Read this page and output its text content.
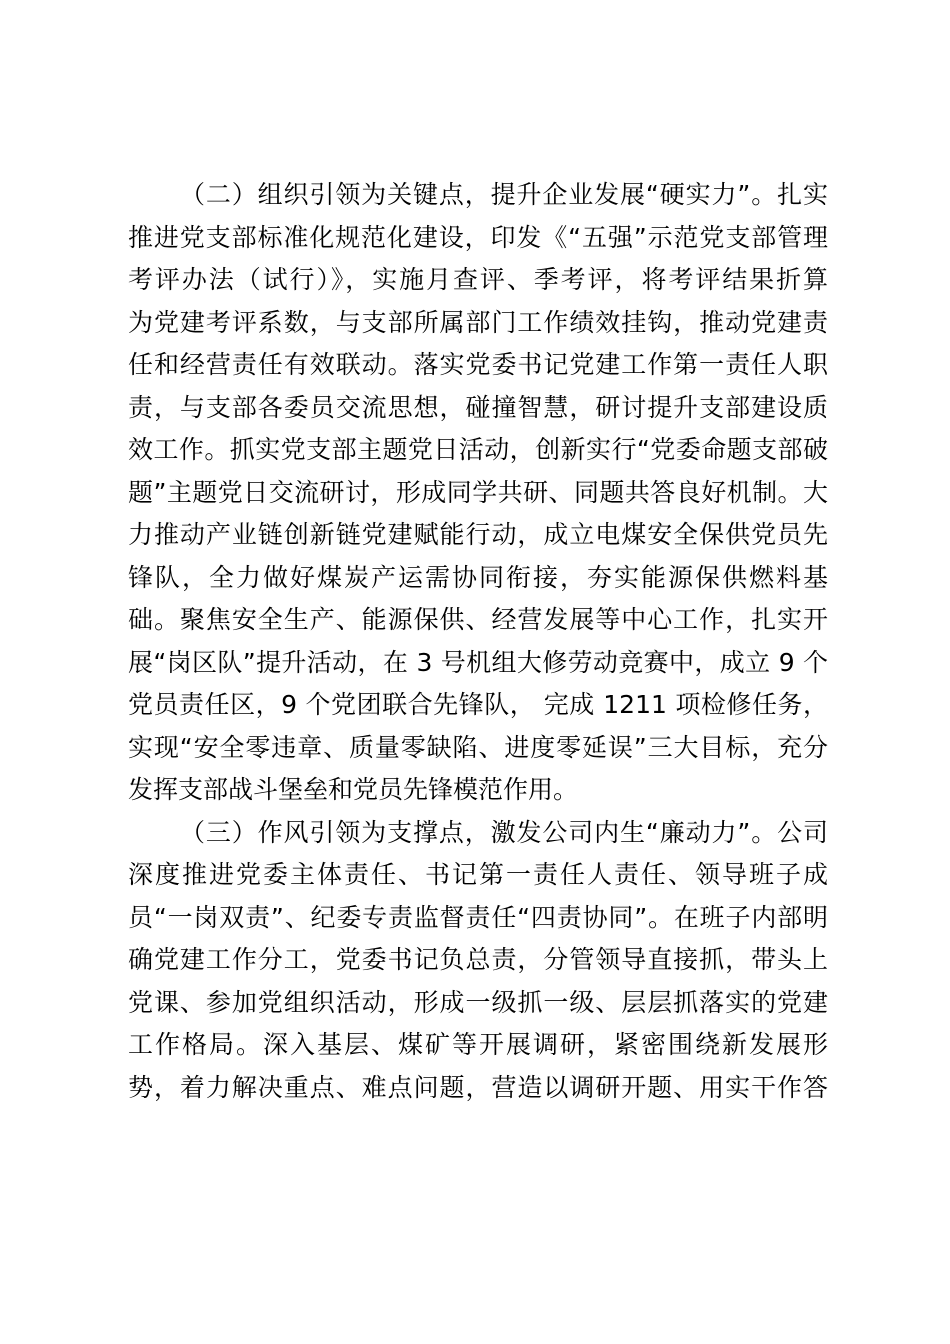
（二）组织引领为关键点，提升企业发展“硬实力”。扎实
推进党支部标准化规范化建设，印发《“五强”示范党支部管理
考评办法（试行）》，实施月查评、季考评，将考评结果折算
为党建考评系数，与支部所属部门工作绩效挂钩，推动党建责
任和经营责任有效联动。落实党委书记党建工作第一责任人职
责，与支部各委员交流思想，碰撞智慧，研讨提升支部建设质
效工作。抓实党支部主题党日活动，创新实行“党委命题支部破
题”主题党日交流研讨，形成同学共研、同题共答良好机制。大
力推动产业链创新链党建赋能行动，成立电煤安全保供党员先
锋队，全力做好煤炭产运需协同衔接，夯实能源保供燃料基
础。聚焦安全生产、能源保供、经营发展等中心工作，扎实开
展“岗区队”提升活动，在 3 号机组大修劳动竞赛中，成立 9 个
党员责任区，9 个党团联合先锋队， 完成 1211 项检修任务，
实现“安全零违章、质量零缺陷、进度零延误”三大目标，充分
发挥支部战斗堡垒和党员先锋模范作用。
（三）作风引领为支撑点，激发公司内生“廉动力”。公司
深度推进党委主体责任、书记第一责任人责任、领导班子成
员“一岗双责”、纪委专责监督责任“四责协同”。在班子内部明
确党建工作分工，党委书记负总责，分管领导直接抓，带头上
党课、参加党组织活动，形成一级抓一级、层层抓落实的党建
工作格局。深入基层、煤矿等开展调研，紧密围绕新发展形
势，着力解决重点、难点问题，营造以调研开题、用实干作答
